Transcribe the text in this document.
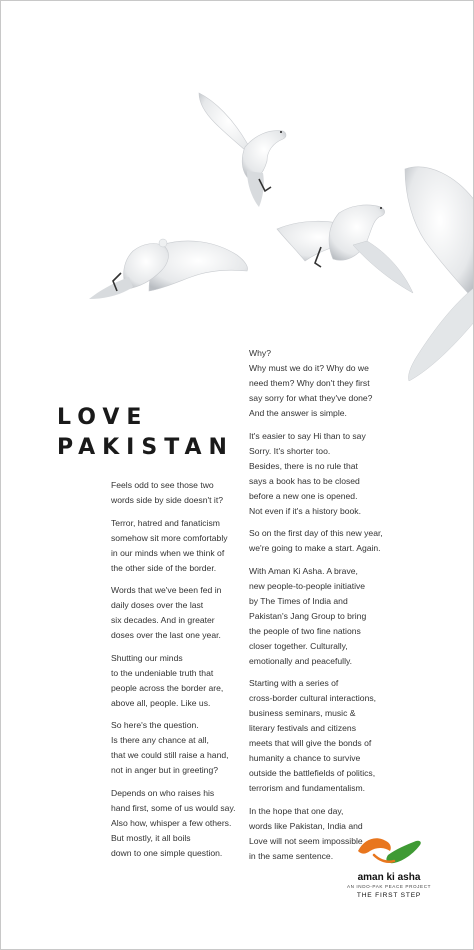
LOVE
PAKISTAN

Feels odd to see those two
words side by side doesn't it?

Terror, hatred and fanaticism
somehow sit more comfortably
in our minds when we think of
the other side of the border.

Words that we've been fed in
daily doses over the last
six decades. And in greater
doses over the last one year.

Shutting our minds
to the undeniable truth that
people across the border are,
above all, people. Like us.

So here's the question.
Is there any chance at all,
that we could still raise a hand,
not in anger but in greeting?

Depends on who raises his
hand first, some of us would say.
Also how, whisper a few others.
But mostly, it all boils
down to one simple question.

Why?
Why must we do it? Why do we
need them? Why don't they first
say sorry for what they've done?
And the answer is simple.

It's easier to say Hi than to say
Sorry. It's shorter too.
Besides, there is no rule that
says a book has to be closed
before a new one is opened.
Not even if it's a history book.

So on the first day of this new year,
we're going to make a start. Again.

With Aman Ki Asha. A brave,
new people-to-people initiative
by The Times of India and
Pakistan's Jang Group to bring
the people of two fine nations
closer together. Culturally,
emotionally and peacefully.

Starting with a series of
cross-border cultural interactions,
business seminars, music &
literary festivals and citizens
meets that will give the bonds of
humanity a chance to survive
outside the battlefields of politics,
terrorism and fundamentalism.

In the hope that one day,
words like Pakistan, India and
Love will not seem impossible
in the same sentence.

aman ki asha
AN INDO-PAK PEACE PROJECT
THE FIRST STEP
